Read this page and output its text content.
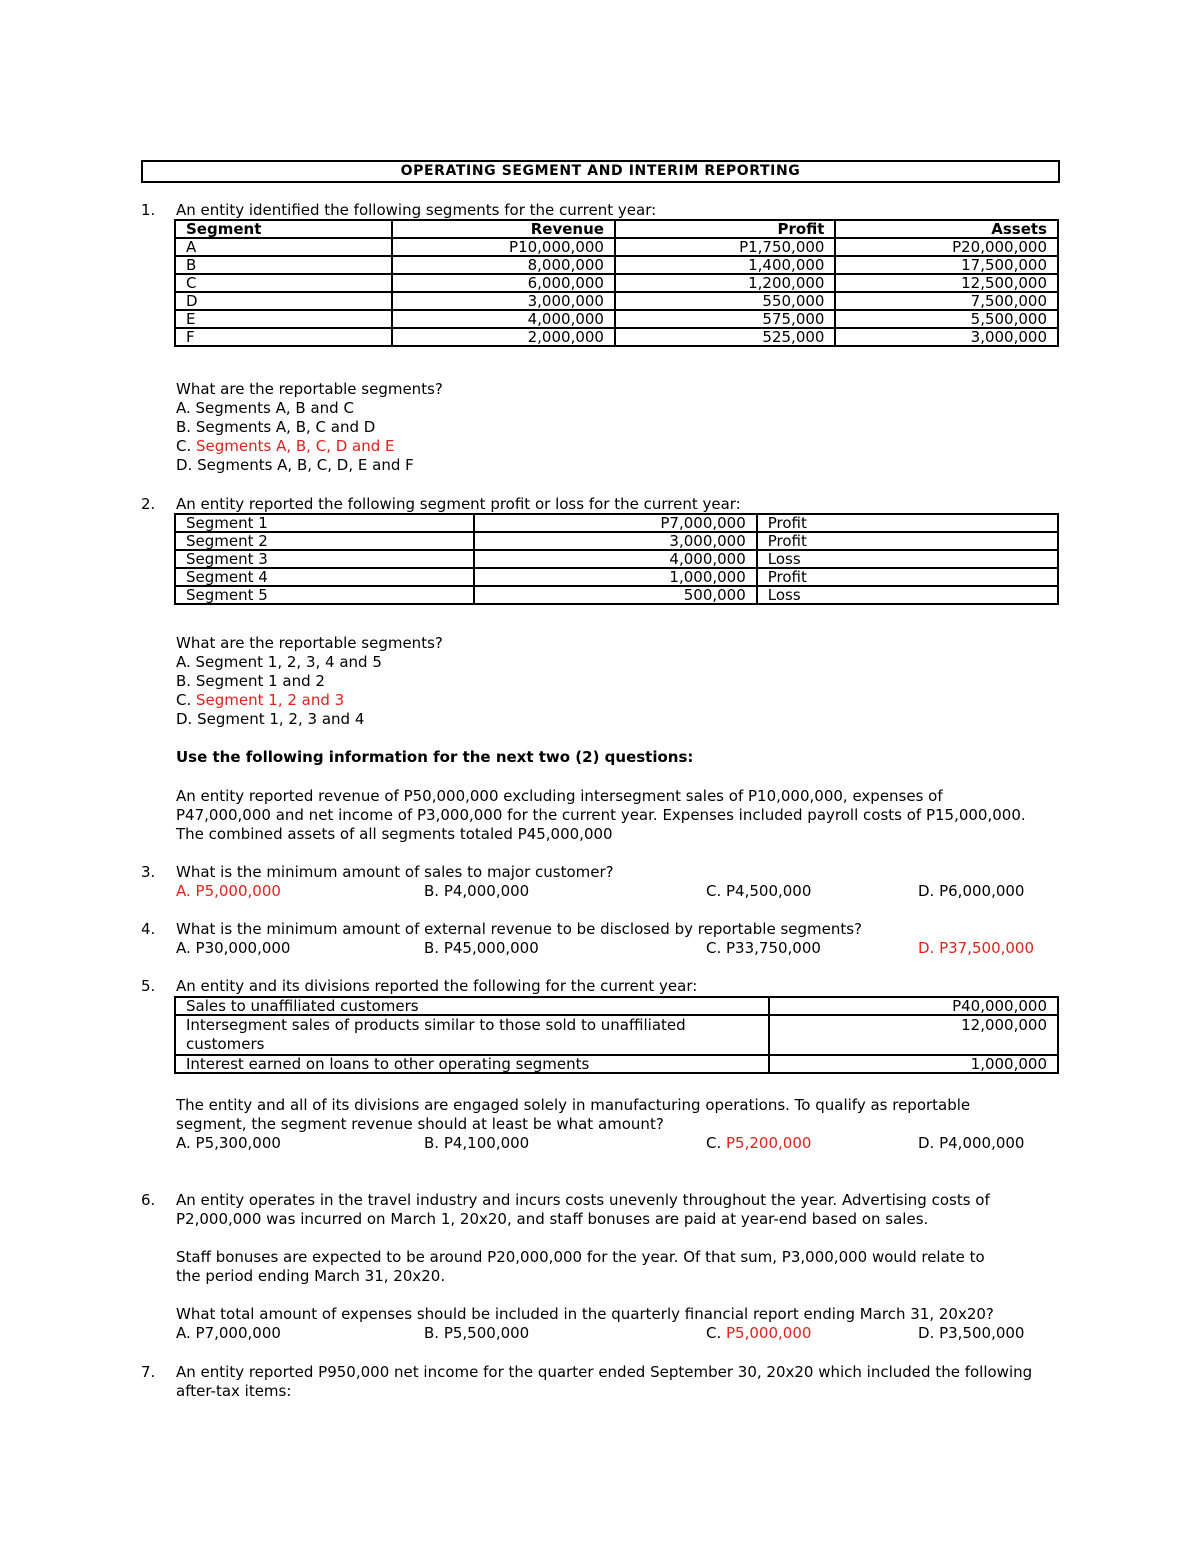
OPERATING SEGMENT AND INTERIM REPORTING
1.	An entity identified the following segments for the current year:
Segment	Revenue	Profit	Assets
A	P10,000,000	P1,750,000	P20,000,000
B	8,000,000	1,400,000	17,500,000
C	6,000,000	1,200,000	12,500,000
D	3,000,000	550,000	7,500,000
E	4,000,000	575,000	5,500,000
F	2,000,000	525,000	3,000,000
What are the reportable segments?
A. Segments A, B and C
B. Segments A, B, C and D
C. Segments A, B, C, D and E
D. Segments A, B, C, D, E and F
2.	An entity reported the following segment profit or loss for the current year:
Segment 1	P7,000,000	Profit
Segment 2	3,000,000	Profit
Segment 3	4,000,000	Loss
Segment 4	1,000,000	Profit
Segment 5	500,000	Loss
What are the reportable segments?
A. Segment 1, 2, 3, 4 and 5
B. Segment 1 and 2
C. Segment 1, 2 and 3
D. Segment 1, 2, 3 and 4
Use the following information for the next two (2) questions:
An entity reported revenue of P50,000,000 excluding intersegment sales of P10,000,000, expenses of
P47,000,000 and net income of P3,000,000 for the current year. Expenses included payroll costs of P15,000,000.
The combined assets of all segments totaled P45,000,000
3.	What is the minimum amount of sales to major customer?
A. P5,000,000	B. P4,000,000	C. P4,500,000	D. P6,000,000
4.	What is the minimum amount of external revenue to be disclosed by reportable segments?
A. P30,000,000	B. P45,000,000	C. P33,750,000	D. P37,500,000
5.	An entity and its divisions reported the following for the current year:
Sales to unaffiliated customers	P40,000,000

Intersegment sales of products similar to those sold to unaffiliated
customers	12,000,000
Interest earned on loans to other operating segments	1,000,000
The entity and all of its divisions are engaged solely in manufacturing operations. To qualify as reportable
segment, the segment revenue should at least be what amount?
A. P5,300,000	B. P4,100,000	C. P5,200,000	D. P4,000,000
6.	An entity operates in the travel industry and incurs costs unevenly throughout the year. Advertising costs of
P2,000,000 was incurred on March 1, 20x20, and staff bonuses are paid at year-end based on sales.
Staff bonuses are expected to be around P20,000,000 for the year. Of that sum, P3,000,000 would relate to
the period ending March 31, 20x20.
What total amount of expenses should be included in the quarterly financial report ending March 31, 20x20?
A. P7,000,000	B. P5,500,000	C. P5,000,000	D. P3,500,000
7.	An entity reported P950,000 net income for the quarter ended September 30, 20x20 which included the following
after-tax items:
